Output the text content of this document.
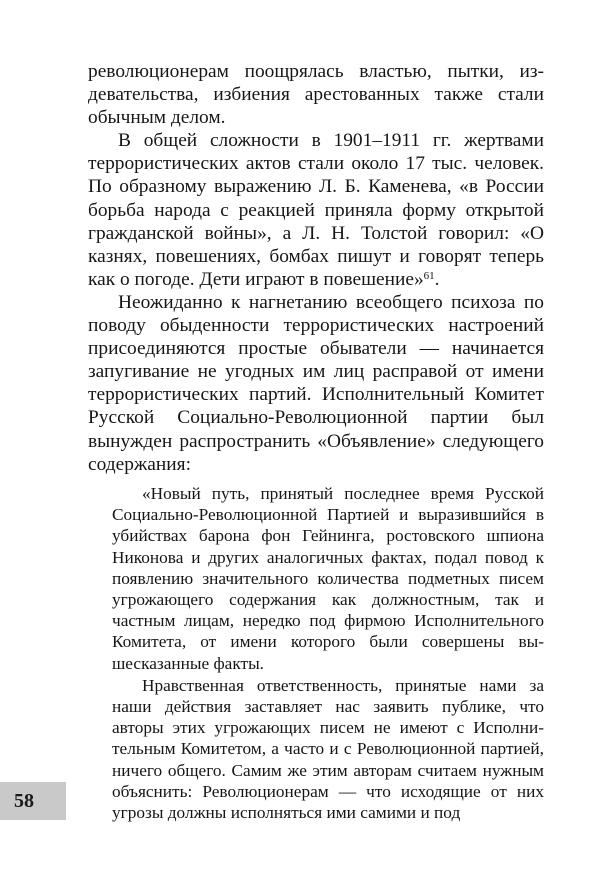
революционерам поощрялась властью, пытки, издевательства, избиения арестованных также стали обычным делом.

В общей сложности в 1901–1911 гг. жертвами террористических актов стали около 17 тыс. человек. По образному выражению Л. Б. Каменева, «в России борьба народа с реакцией приняла форму открытой гражданской войны», а Л. Н. Толстой говорил: «О казнях, повешениях, бомбах пишут и говорят теперь как о погоде. Дети играют в повешение»$^{61}$.

Неожиданно к нагнетанию всеобщего психоза по поводу обыденности террористических настроений присоединяются простые обыватели — начинается запугивание не угодных им лиц расправой от имени террористических партий. Исполнительный Комитет Русской Социально-Революционной партии был вынужден распространить «Объявление» следующего содержания:

«Новый путь, принятый последнее время Русской Социально-Революционной Партией и выразившийся в убийствах барона фон Гейнинга, ростовского шпиона Никонова и других аналогичных фактах, подал повод к появлению значительного количества подметных писем угрожающего содержания как должностным, так и частным лицам, нередко под фирмою Исполнительного Комитета, от имени которого были совершены вышесказанные факты.

Нравственная ответственность, принятые нами за наши действия заставляет нас заявить публике, что авторы этих угрожающих писем не имеют с Исполнительным Комитетом, а часто и с Революционной партией, ничего общего. Самим же этим авторам считаем нужным объяснить: Революционерам — что исходящие от них угрозы должны исполняться ими самими и под

58
